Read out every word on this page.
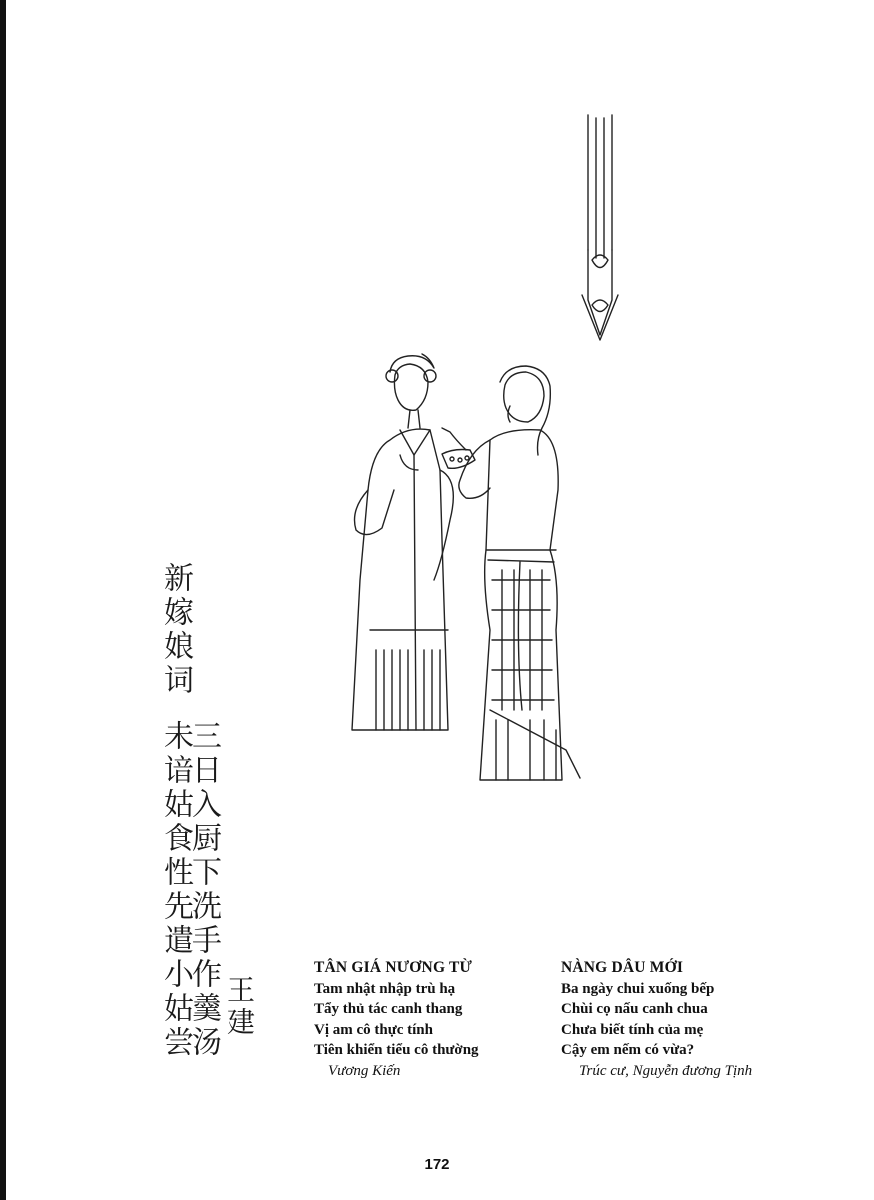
新嫁娘词
三日入厨下洗手作羹汤
未谙姑食性先遣小姑尝 王建
TÂN GIÁ NƯƠNG TỪ
Tam nhật nhập trù hạ
Tẩy thủ tác canh thang
Vị am cô thực tính
Tiên khiển tiểu cô thường
Vương Kiến
NÀNG DÂU MỚI
Ba ngày chui xuống bếp
Chùi cọ nấu canh chua
Chưa biết tính của mẹ
Cậy em nếm có vừa?
Trúc cư, Nguyễn đương Tịnh
172
